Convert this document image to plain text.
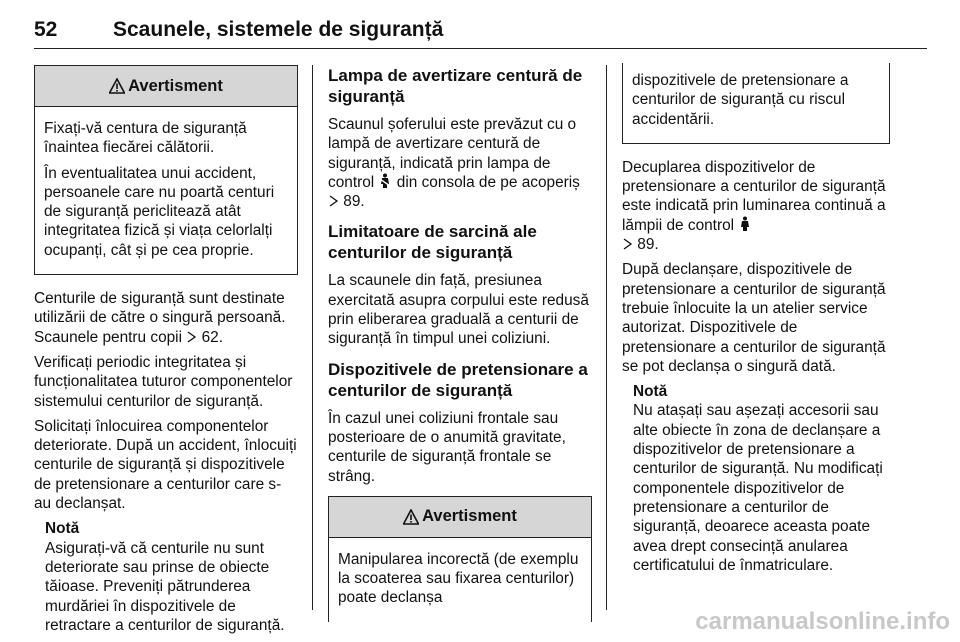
52	Scaunele, sistemele de siguranță
Avertisment

Fixați-vă centura de siguranță înaintea fiecărei călătorii.

În eventualitatea unui accident, persoanele care nu poartă centuri de siguranță periclitează atât integritatea fizică și viața celorlalți ocupanți, cât și pe cea proprie.

Centurile de siguranță sunt destinate utilizării de către o singură persoană. Scaunele pentru copii 62.

Verificați periodic integritatea și funcționalitatea tuturor componentelor sistemului centurilor de siguranță.

Solicitați înlocuirea componentelor deteriorate. După un accident, înlocuiți centurile de siguranță și dispozitivele de pretensionare a centurilor care s-au declanșat.

Notă

Asigurați-vă că centurile nu sunt deteriorate sau prinse de obiecte tăioase. Preveniți pătrunderea murdăriei în dispozitivele de retractare a centurilor de siguranță.

Lampa de avertizare centură de siguranță

Scaunul șoferului este prevăzut cu o lampă de avertizare centură de siguranță, indicată prin lampa de control din consola de pe acoperiș
89.

Limitatoare de sarcină ale centurilor de siguranță

La scaunele din față, presiunea exercitată asupra corpului este redusă prin eliberarea graduală a centurii de siguranță în timpul unei coliziuni.

Dispozitivele de pretensionare a centurilor de siguranță

În cazul unei coliziuni frontale sau posterioare de o anumită gravitate, centurile de siguranță frontale se strâng.

Avertisment

Manipularea incorectă (de exemplu la scoaterea sau fixarea centurilor) poate declanșa

dispozitivele de pretensionare a centurilor de siguranță cu riscul accidentării.

Decuplarea dispozitivelor de pretensionare a centurilor de siguranță este indicată prin luminarea continuă a lămpii de control
89.

După declanșare, dispozitivele de pretensionare a centurilor de siguranță trebuie înlocuite la un atelier service autorizat. Dispozitivele de pretensionare a centurilor de siguranță se pot declanșa o singură dată.

Notă

Nu atașați sau așezați accesorii sau alte obiecte în zona de declanșare a dispozitivelor de pretensionare a centurilor de siguranță. Nu modificați componentele dispozitivelor de pretensionare a centurilor de siguranță, deoarece aceasta poate avea drept consecință anularea certificatului de înmatriculare.

carmanualsonline.info
